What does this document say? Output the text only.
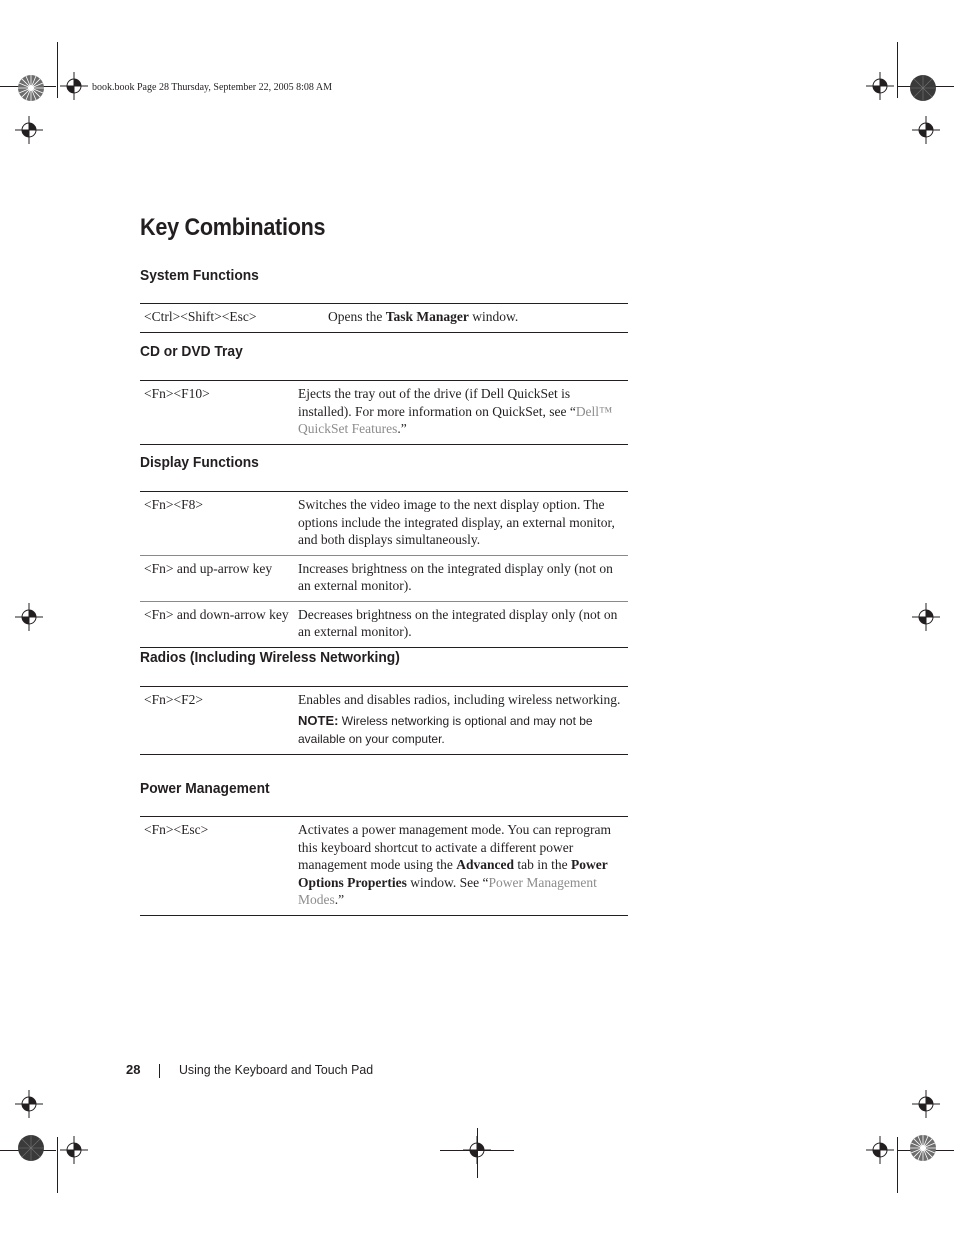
book.book Page 28 Thursday, September 22, 2005 8:08 AM
Key Combinations
System Functions
<Ctrl><Shift><Esc>	Opens the Task Manager window.
CD or DVD Tray
<Fn><F10>	Ejects the tray out of the drive (if Dell QuickSet is installed). For more information on QuickSet, see “Dell™ QuickSet Features.”
Display Functions
<Fn><F8>	Switches the video image to the next display option. The options include the integrated display, an external monitor, and both displays simultaneously.
<Fn> and up-arrow key	Increases brightness on the integrated display only (not on an external monitor).
<Fn> and down-arrow key	Decreases brightness on the integrated display only (not on an external monitor).
Radios (Including Wireless Networking)
<Fn><F2>	Enables and disables radios, including wireless networking.
NOTE: Wireless networking is optional and may not be available on your computer.
Power Management
<Fn><Esc>	Activates a power management mode. You can reprogram this keyboard shortcut to activate a different power management mode using the Advanced tab in the Power Options Properties window. See “Power Management Modes.”
28	Using the Keyboard and Touch Pad
